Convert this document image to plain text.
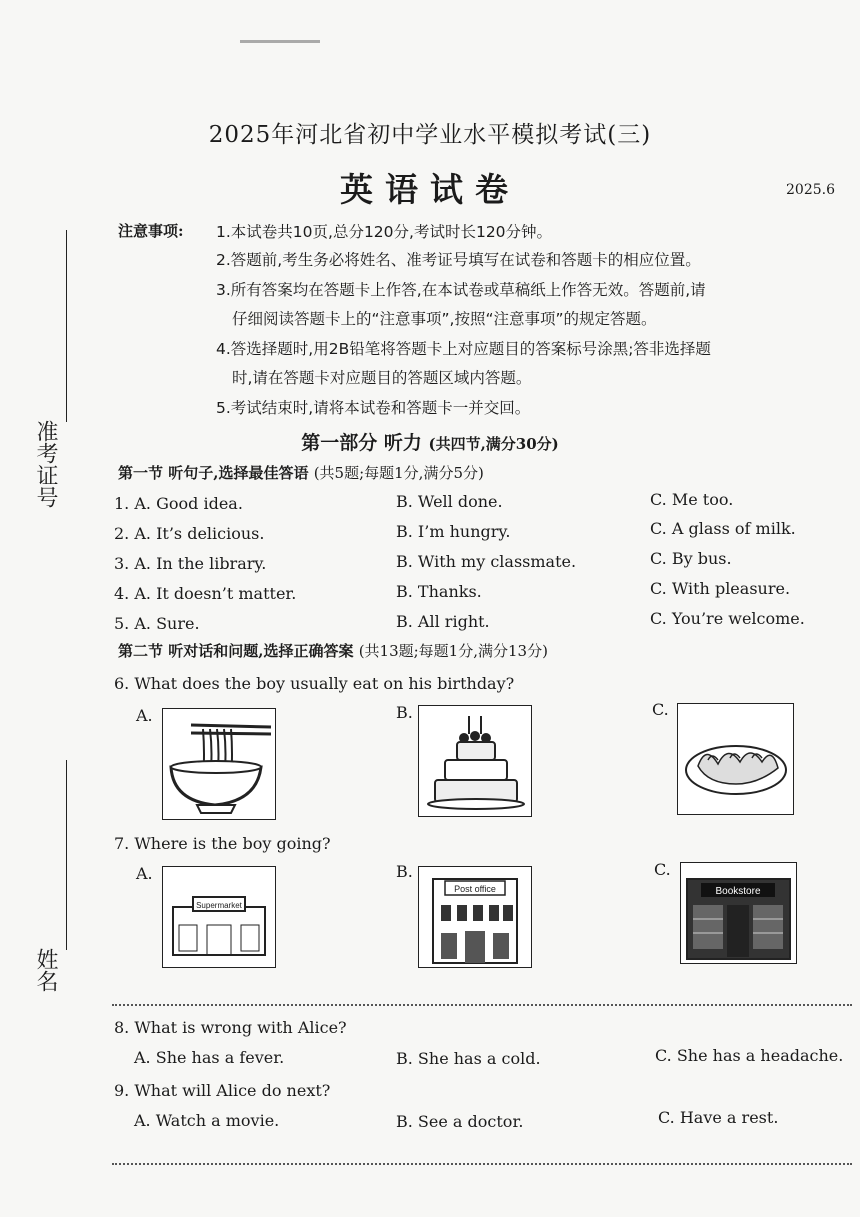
准考证号
姓名
2025年河北省初中学业水平模拟考试(三)
英语试卷	2025.6
注意事项: 1.本试卷共10页,总分120分,考试时长120分钟。
2.答题前,考生务必将姓名、准考证号填写在试卷和答题卡的相应位置。
3.所有答案均在答题卡上作答,在本试卷或草稿纸上作答无效。答题前,请
仔细阅读答题卡上的“注意事项”,按照“注意事项”的规定答题。
4.答选择题时,用2B铅笔将答题卡上对应题目的答案标号涂黑;答非选择题
时,请在答题卡对应题目的答题区域内答题。
5.考试结束时,请将本试卷和答题卡一并交回。
第一部分 听力 (共四节,满分30分)
第一节 听句子,选择最佳答语 (共5题;每题1分,满分5分)
1. A. Good idea.	B. Well done.	C. Me too.
2. A. It’s delicious.	B. I’m hungry.	C. A glass of milk.
3. A. In the library.	B. With my classmate.	C. By bus.
4. A. It doesn’t matter.	B. Thanks.	C. With pleasure.
5. A. Sure.	B. All right.	C. You’re welcome.
第二节 听对话和问题,选择正确答案 (共13题;每题1分,满分13分)
6. What does the boy usually eat on his birthday?
A.	B.	C.
7. Where is the boy going?
A.
Supermarket
B.
Post office
C.
Bookstore
8. What is wrong with Alice?
A. She has a fever.	B. She has a cold.	C. She has a headache.
9. What will Alice do next?
A. Watch a movie.	B. See a doctor.	C. Have a rest.
